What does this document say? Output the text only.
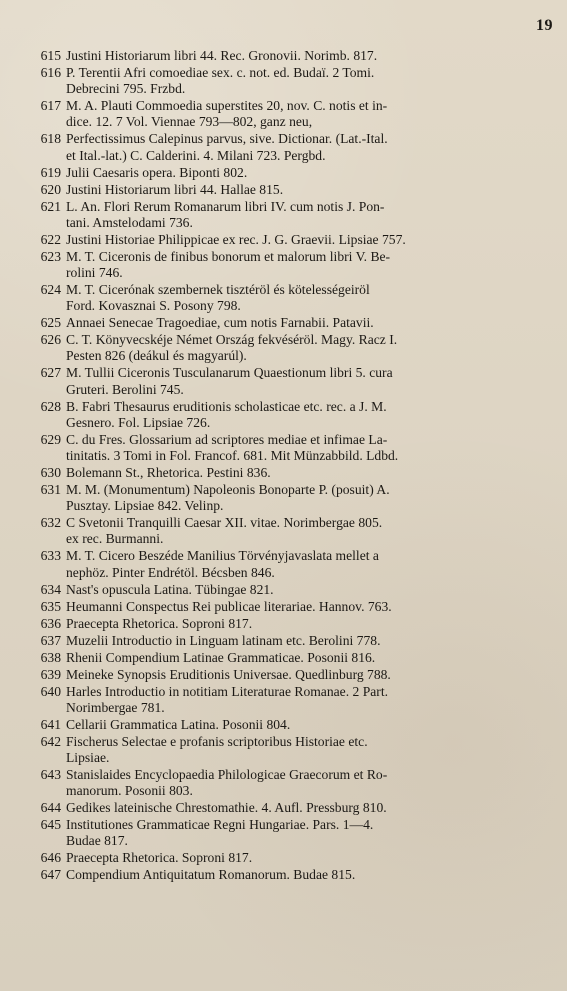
19
615 Justini Historiarum libri 44. Rec. Gronovii. Norimb. 817.
616 P. Terentii Afri comoediae sex. c. not. ed. Budaï. 2 Tomi.
Debrecini 795. Frzbd.
617 M. A. Plauti Commoedia superstites 20, nov. C. notis et in-
dice. 12. 7 Vol. Viennae 793—802, ganz neu,
618 Perfectissimus Calepinus parvus, sive. Dictionar. (Lat.-Ital.
et Ital.-lat.) C. Calderini. 4. Milani 723. Pergbd.
619 Julii Caesaris opera. Biponti 802.
620 Justini Historiarum libri 44. Hallae 815.
621 L. An. Flori Rerum Romanarum libri IV. cum notis J. Pon-
tani. Amstelodami 736.
622 Justini Historiae Philippicae ex rec. J. G. Graevii. Lipsiae 757.
623 M. T. Ciceronis de finibus bonorum et malorum libri V. Be-
rolini 746.
624 M. T. Cicerónak szembernek tisztéröl és kötelességeiröl
Ford. Kovasznai S. Posony 798.
625 Annaei Senecae Tragoediae, cum notis Farnabii. Patavii.
626 C. T. Könyvecskéje Német Ország fekvéséröl. Magy. Racz I.
Pesten 826 (deákul és magyarúl).
627 M. Tullii Ciceronis Tusculanarum Quaestionum libri 5. cura
Gruteri. Berolini 745.
628 B. Fabri Thesaurus eruditionis scholasticae etc. rec. a J. M.
Gesnero. Fol. Lipsiae 726.
629 C. du Fres. Glossarium ad scriptores mediae et infimae La-
tinitatis. 3 Tomi in Fol. Francof. 681. Mit Münzabbild. Ldbd.
630 Bolemann St., Rhetorica. Pestini 836.
631 M. M. (Monumentum) Napoleonis Bonoparte P. (posuit) A.
Pusztay. Lipsiae 842. Velinp.
632 C Svetonii Tranquilli Caesar XII. vitae. Norimbergae 805.
ex rec. Burmanni.
633 M. T. Cicero Beszéde Manilius Törvényjavaslata mellet a
nephöz. Pinter Endrétöl. Bécsben 846.
634 Nast's opuscula Latina. Tübingae 821.
635 Heumanni Conspectus Rei publicae literariae. Hannov. 763.
636 Praecepta Rhetorica. Soproni 817.
637 Muzelii Introductio in Linguam latinam etc. Berolini 778.
638 Rhenii Compendium Latinae Grammaticae. Posonii 816.
639 Meineke Synopsis Eruditionis Universae. Quedlinburg 788.
640 Harles Introductio in notitiam Literaturae Romanae. 2 Part.
Norimbergae 781.
641 Cellarii Grammatica Latina. Posonii 804.
642 Fischerus Selectae e profanis scriptoribus Historiae etc.
Lipsiae.
643 Stanislaides Encyclopaedia Philologicae Graecorum et Ro-
manorum. Posonii 803.
644 Gedikes lateinische Chrestomathie. 4. Aufl. Pressburg 810.
645 Institutiones Grammaticae Regni Hungariae. Pars. 1—4.
Budae 817.
646 Praecepta Rhetorica. Soproni 817.
647 Compendium Antiquitatum Romanorum. Budae 815.
